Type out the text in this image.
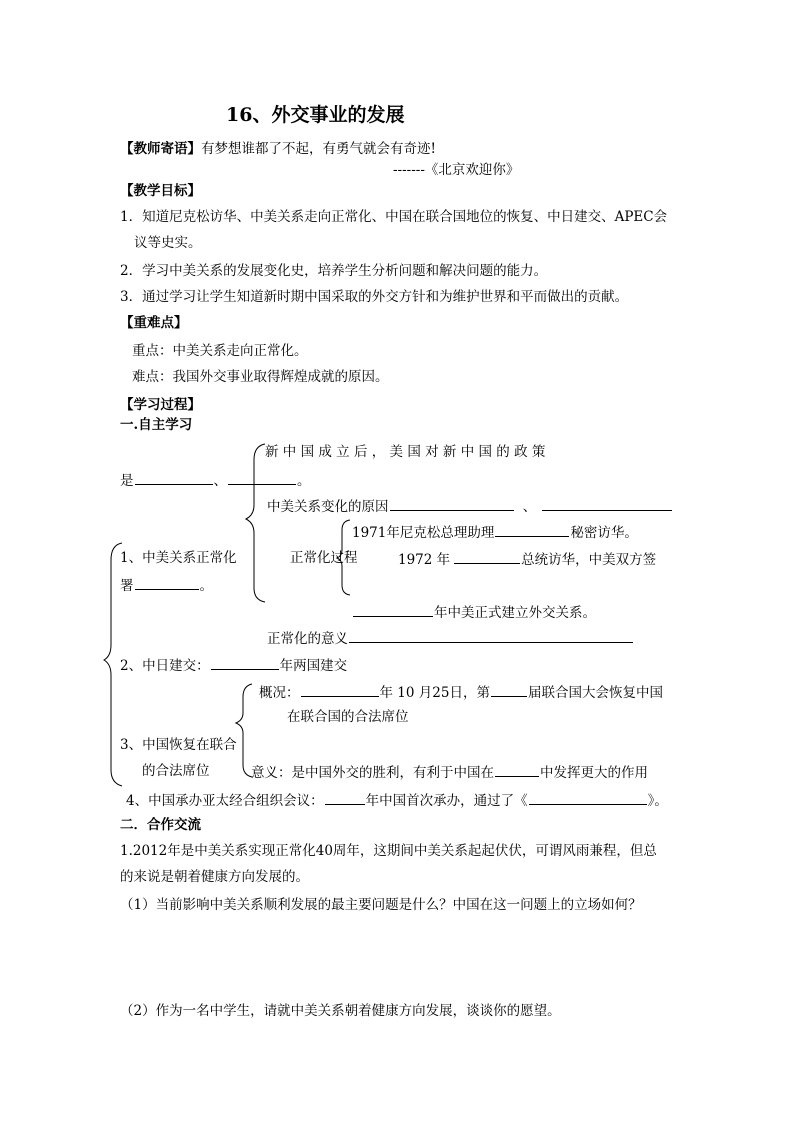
16、外交事业的发展
【教师寄语】有梦想谁都了不起，有勇气就会有奇迹!
-------《北京欢迎你》
【教学目标】
1．知道尼克松访华、中美关系走向正常化、中国在联合国地位的恢复、中日建交、APEC会
议等史实。
2．学习中美关系的发展变化史，培养学生分析问题和解决问题的能力。
3．通过学习让学生知道新时期中国采取的外交方针和为维护世界和平而做出的贡献。
【重难点】
重点：中美关系走向正常化。
难点：我国外交事业取得辉煌成就的原因。
【学习过程】
一.自主学习
新 中 国 成 立 后 ， 美 国 对 新 中 国 的 政 策
是	、	。
中美关系变化的原因	、
1971年尼克松总理助理	秘密访华。
1、中美关系正常化	正常化过程	1972 年	总统访华，中美双方签
署	。
年中美正式建立外交关系。
正常化的意义
2、中日建交：	年两国建交
概况：	年 10 月25日，第	届联合国大会恢复中国
在联合国的合法席位
3、中国恢复在联合
的合法席位	意义：是中国外交的胜利，有利于中国在	中发挥更大的作用
4、中国承办亚太经合组织会议：	年中国首次承办，通过了《	》。
二．合作交流
1.2012年是中美关系实现正常化40周年，这期间中美关系起起伏伏，可谓风雨兼程，但总
的来说是朝着健康方向发展的。
（1）当前影响中美关系顺利发展的最主要问题是什么？中国在这一问题上的立场如何？
（2）作为一名中学生，请就中美关系朝着健康方向发展，谈谈你的愿望。
